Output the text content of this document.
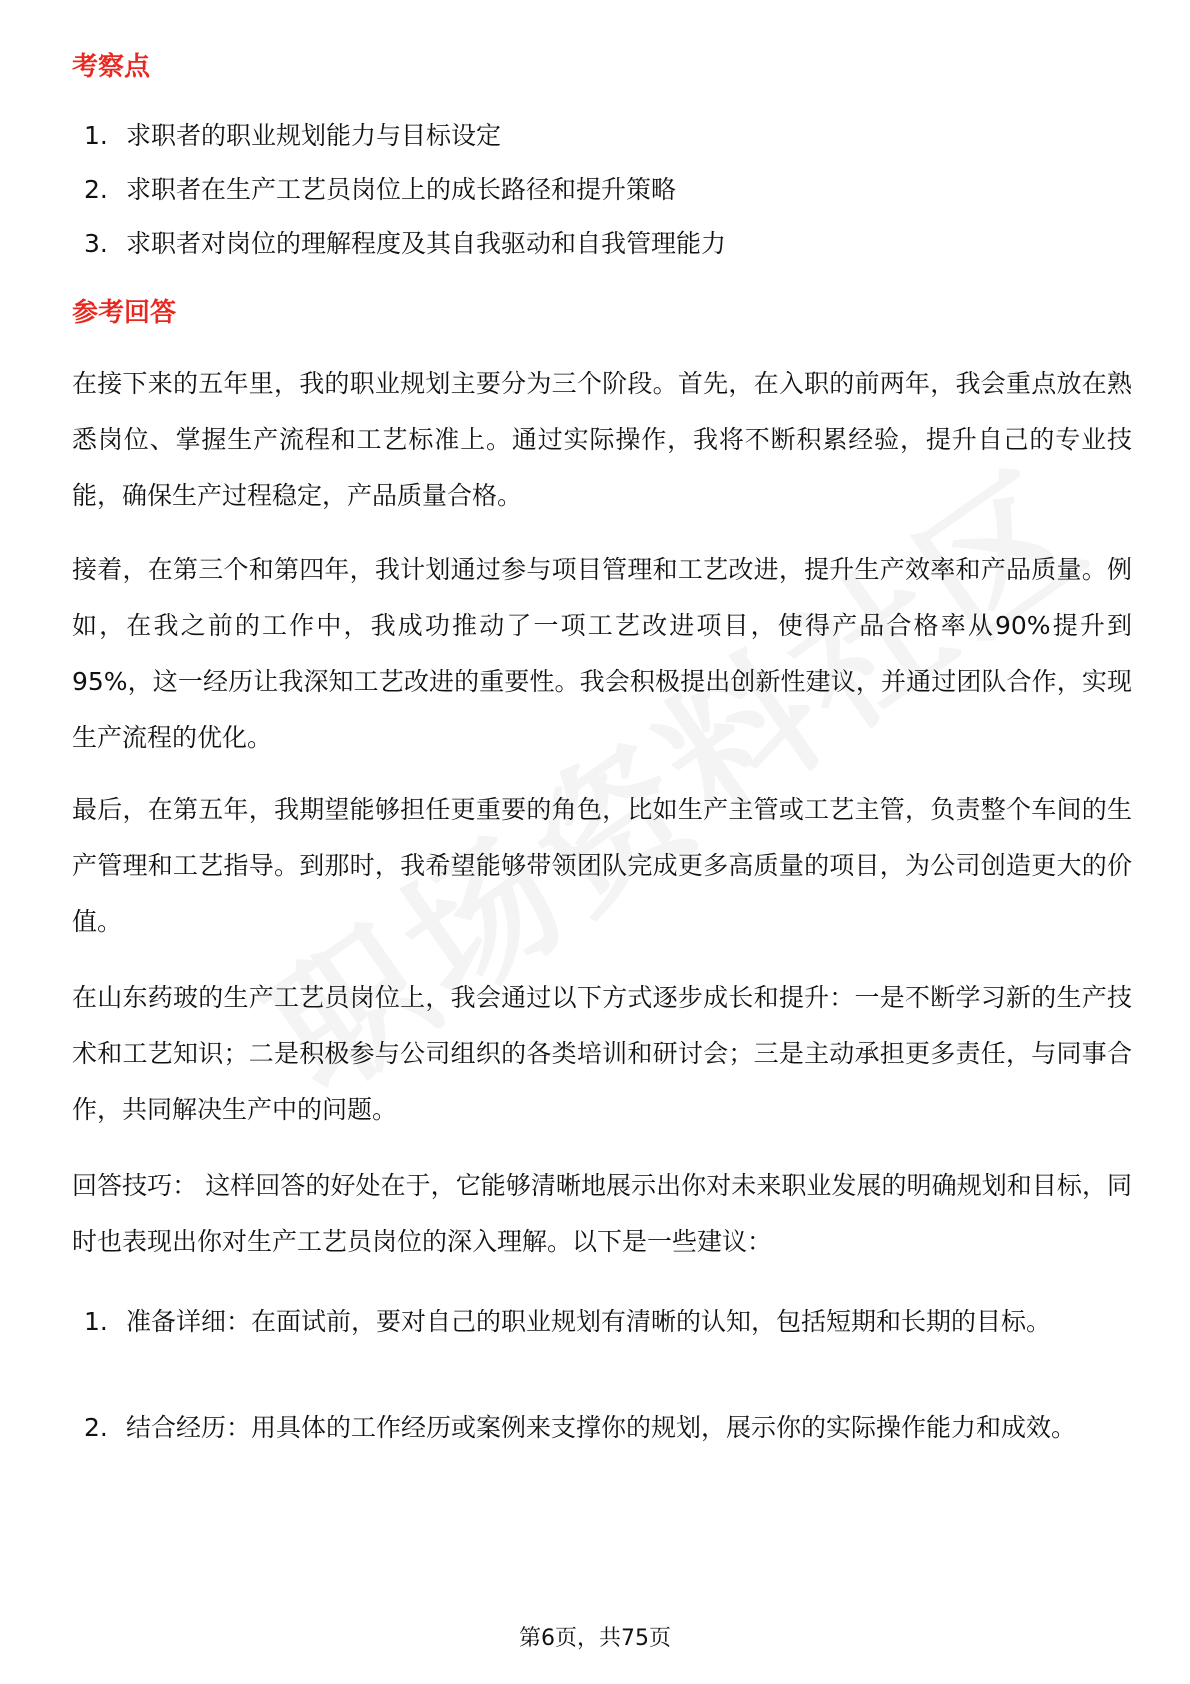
考察点
1. 求职者的职业规划能力与目标设定
2. 求职者在生产工艺员岗位上的成长路径和提升策略
3. 求职者对岗位的理解程度及其自我驱动和自我管理能力
参考回答

在接下来的五年里，我的职业规划主要分为三个阶段。首先，在入职的前两年，我会重点放在熟悉岗位、掌握生产流程和工艺标准上。通过实际操作，我将不断积累经验，提升自己的专业技能，确保生产过程稳定，产品质量合格。

接着，在第三个和第四年，我计划通过参与项目管理和工艺改进，提升生产效率和产品质量。例如，在我之前的工作中，我成功推动了一项工艺改进项目，使得产品合格率从90%提升到95%，这一经历让我深知工艺改进的重要性。我会积极提出创新性建议，并通过团队合作，实现生产流程的优化。

最后，在第五年，我期望能够担任更重要的角色，比如生产主管或工艺主管，负责整个车间的生产管理和工艺指导。到那时，我希望能够带领团队完成更多高质量的项目，为公司创造更大的价值。

在山东药玻的生产工艺员岗位上，我会通过以下方式逐步成长和提升：一是不断学习新的生产技术和工艺知识；二是积极参与公司组织的各类培训和研讨会；三是主动承担更多责任，与同事合作，共同解决生产中的问题。

回答技巧： 这样回答的好处在于，它能够清晰地展示出你对未来职业发展的明确规划和目标，同时也表现出你对生产工艺员岗位的深入理解。以下是一些建议：

1. 准备详细：在面试前，要对自己的职业规划有清晰的认知，包括短期和长期的目标。
2. 结合经历：用具体的工作经历或案例来支撑你的规划，展示你的实际操作能力和成效。
第6页，共75页
